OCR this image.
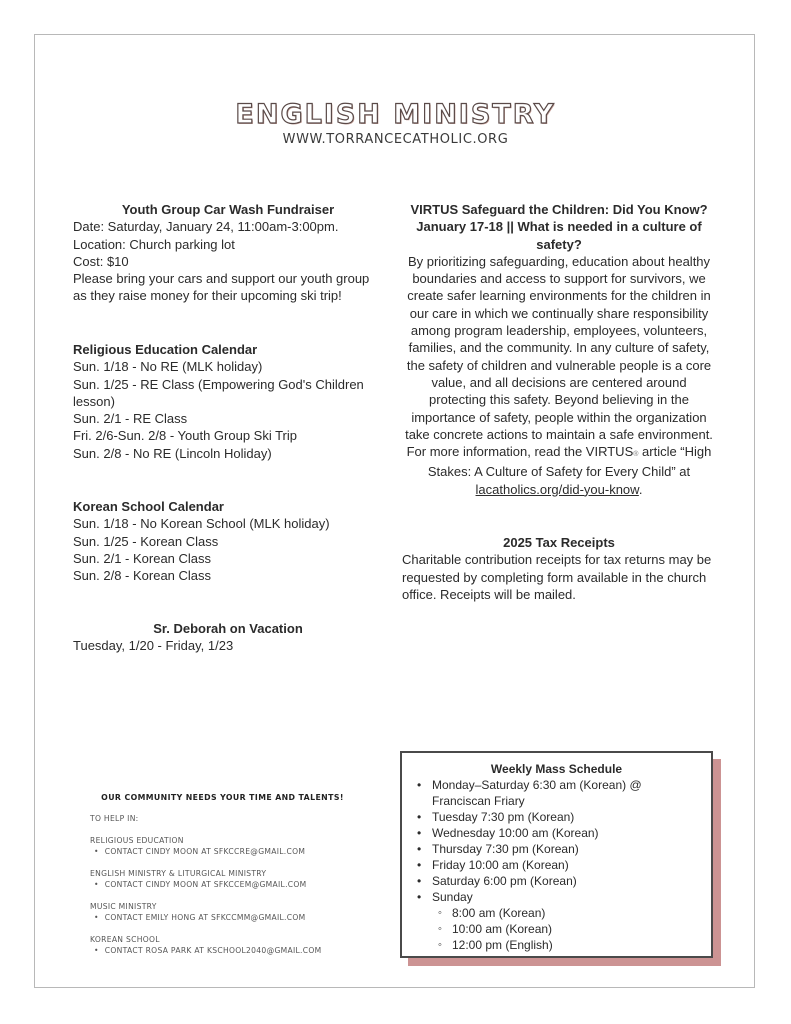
ENGLISH MINISTRY
WWW.TORRANCECATHOLIC.ORG
Youth Group Car Wash Fundraiser
Date: Saturday, January 24, 11:00am-3:00pm.
Location: Church parking lot
Cost: $10
Please bring your cars and support our youth group
as they raise money for their upcoming ski trip!
Religious Education Calendar
Sun. 1/18 - No RE (MLK holiday)
Sun. 1/25 - RE Class (Empowering God's Children
lesson)
Sun. 2/1 - RE Class
Fri. 2/6-Sun. 2/8 - Youth Group Ski Trip
Sun. 2/8 - No RE (Lincoln Holiday)
Korean School Calendar
Sun. 1/18 - No Korean School (MLK holiday)
Sun. 1/25 - Korean Class
Sun. 2/1 - Korean Class
Sun. 2/8 - Korean Class
Sr. Deborah on Vacation
Tuesday, 1/20 - Friday, 1/23
VIRTUS Safeguard the Children: Did You Know?
January 17-18 || What is needed in a culture of
safety?
By prioritizing safeguarding, education about healthy
boundaries and access to support for survivors, we
create safer learning environments for the children in
our care in which we continually share responsibility
among program leadership, employees, volunteers,
families, and the community. In any culture of safety,
the safety of children and vulnerable people is a core
value, and all decisions are centered around
protecting this safety. Beyond believing in the
importance of safety, people within the organization
take concrete actions to maintain a safe environment.
For more information, read the VIRTUS® article “High
Stakes: A Culture of Safety for Every Child” at
lacatholics.org/did-you-know.
2025 Tax Receipts
Charitable contribution receipts for tax returns may be
requested by completing form available in the church
office. Receipts will be mailed.
OUR COMMUNITY NEEDS YOUR TIME AND TALENTS!
TO HELP IN:
RELIGIOUS EDUCATION
• CONTACT CINDY MOON AT SFKCCRE@GMAIL.COM
ENGLISH MINISTRY & LITURGICAL MINISTRY
• CONTACT CINDY MOON AT SFKCCEM@GMAIL.COM
MUSIC MINISTRY
• CONTACT EMILY HONG AT SFKCCMM@GMAIL.COM
KOREAN SCHOOL
• CONTACT ROSA PARK AT KSCHOOL2040@GMAIL.COM
Weekly Mass Schedule
• Monday–Saturday 6:30 am (Korean) @ Franciscan Friary
• Tuesday 7:30 pm (Korean)
• Wednesday 10:00 am (Korean)
• Thursday 7:30 pm (Korean)
• Friday 10:00 am (Korean)
• Saturday 6:00 pm (Korean)
• Sunday
◦ 8:00 am (Korean)
◦ 10:00 am (Korean)
◦ 12:00 pm (English)
